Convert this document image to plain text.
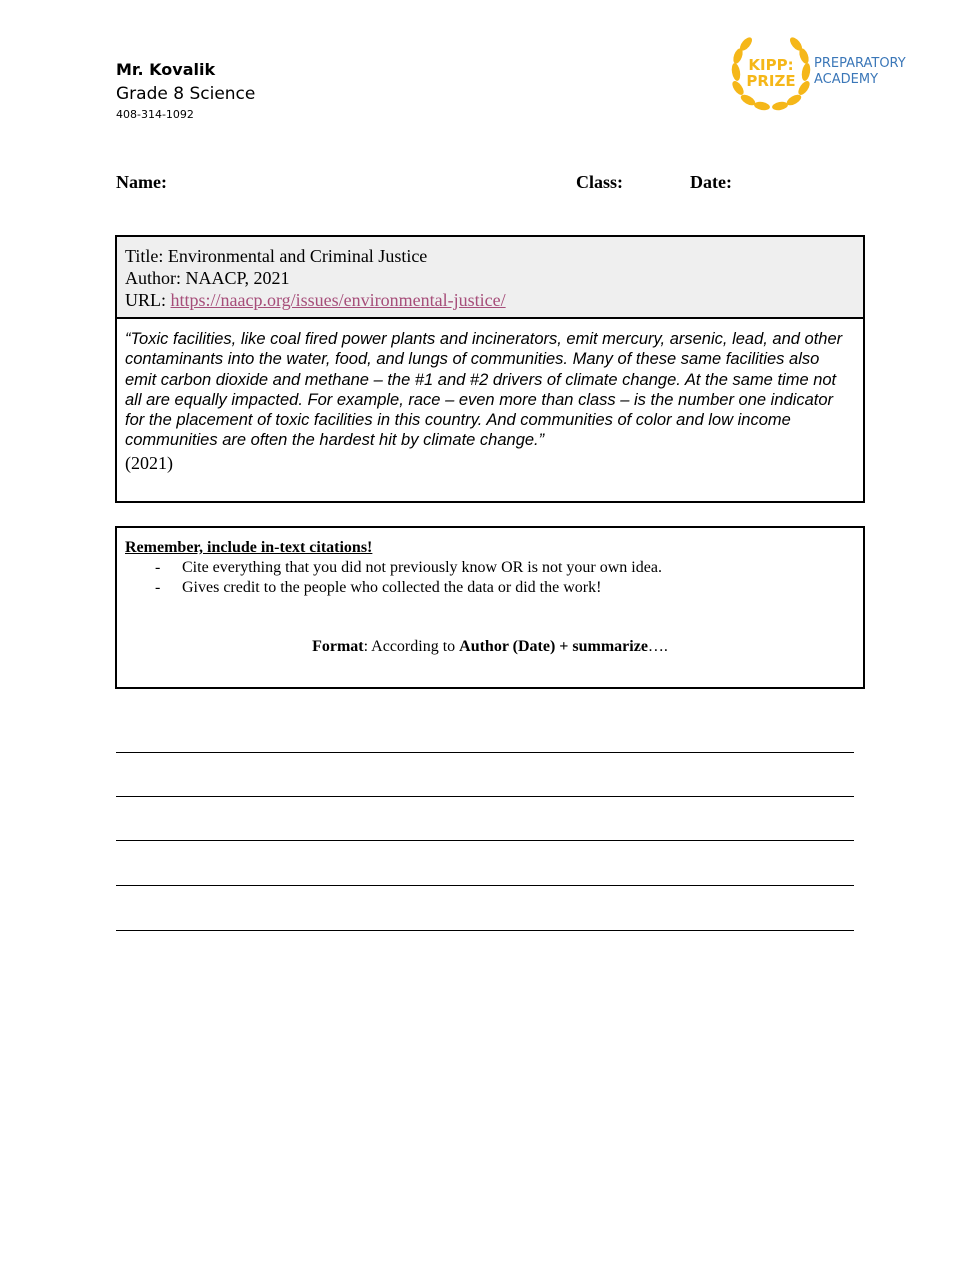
Mr. Kovalik
Grade 8 Science
408-314-1092
KIPP:
PRIZE
PREPARATORY
ACADEMY
Name:	Class:	Date:
Title: Environmental and Criminal Justice
Author: NAACP, 2021
URL: https://naacp.org/issues/environmental-justice/
“Toxic facilities, like coal fired power plants and incinerators, emit mercury, arsenic, lead, and other contaminants into the water, food, and lungs of communities. Many of these same facilities also emit carbon dioxide and methane – the #1 and #2 drivers of climate change. At the same time not all are equally impacted. For example, race – even more than class – is the number one indicator for the placement of toxic facilities in this country. And communities of color and low income communities are often the hardest hit by climate change.”
(2021)
Remember, include in-text citations!
- Cite everything that you did not previously know OR is not your own idea.
- Gives credit to the people who collected the data or did the work!
Format: According to Author (Date) + summarize….
